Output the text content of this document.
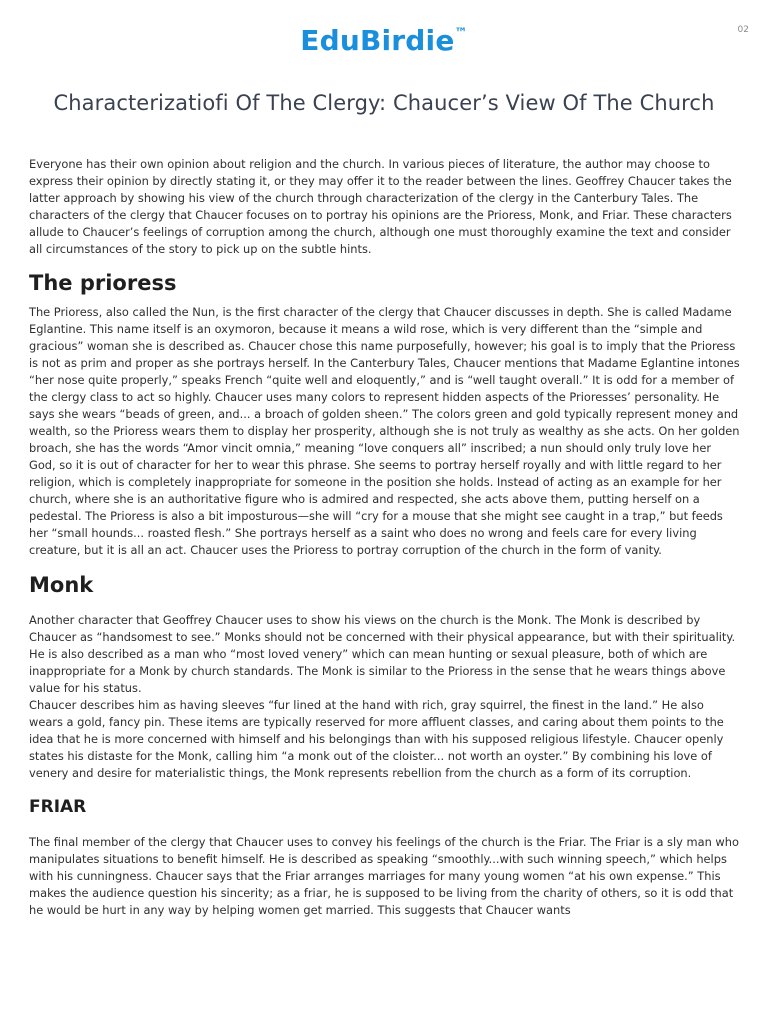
EduBirdie™	02
Characterizatiofi Of The Clergy: Chaucer’s View Of The Church

Everyone has their own opinion about religion and the church. In various pieces of literature, the author may choose to express their opinion by directly stating it, or they may offer it to the reader between the lines. Geoffrey Chaucer takes the latter approach by showing his view of the church through characterization of the clergy in the Canterbury Tales. The characters of the clergy that Chaucer focuses on to portray his opinions are the Prioress, Monk, and Friar. These characters allude to Chaucer’s feelings of corruption among the church, although one must thoroughly examine the text and consider all circumstances of the story to pick up on the subtle hints.

The prioress

The Prioress, also called the Nun, is the first character of the clergy that Chaucer discusses in depth. She is called Madame Eglantine. This name itself is an oxymoron, because it means a wild rose, which is very different than the “simple and gracious” woman she is described as. Chaucer chose this name purposefully, however; his goal is to imply that the Prioress is not as prim and proper as she portrays herself. In the Canterbury Tales, Chaucer mentions that Madame Eglantine intones “her nose quite properly,” speaks French “quite well and eloquently,” and is “well taught overall.” It is odd for a member of the clergy class to act so highly. Chaucer uses many colors to represent hidden aspects of the Prioresses’ personality. He says she wears “beads of green, and... a broach of golden sheen.” The colors green and gold typically represent money and wealth, so the Prioress wears them to display her prosperity, although she is not truly as wealthy as she acts. On her golden broach, she has the words “Amor vincit omnia,” meaning “love conquers all” inscribed; a nun should only truly love her God, so it is out of character for her to wear this phrase. She seems to portray herself royally and with little regard to her religion, which is completely inappropriate for someone in the position she holds. Instead of acting as an example for her church, where she is an authoritative figure who is admired and respected, she acts above them, putting herself on a pedestal. The Prioress is also a bit imposturous—she will “cry for a mouse that she might see caught in a trap,” but feeds her “small hounds... roasted flesh.” She portrays herself as a saint who does no wrong and feels care for every living creature, but it is all an act. Chaucer uses the Prioress to portray corruption of the church in the form of vanity.

Monk

Another character that Geoffrey Chaucer uses to show his views on the church is the Monk. The Monk is described by Chaucer as “handsomest to see.” Monks should not be concerned with their physical appearance, but with their spirituality. He is also described as a man who “most loved venery” which can mean hunting or sexual pleasure, both of which are inappropriate for a Monk by church standards. The Monk is similar to the Prioress in the sense that he wears things above value for his status.

Chaucer describes him as having sleeves “fur lined at the hand with rich, gray squirrel, the finest in the land.” He also wears a gold, fancy pin. These items are typically reserved for more affluent classes, and caring about them points to the idea that he is more concerned with himself and his belongings than with his supposed religious lifestyle. Chaucer openly states his distaste for the Monk, calling him “a monk out of the cloister... not worth an oyster.” By combining his love of venery and desire for materialistic things, the Monk represents rebellion from the church as a form of its corruption.

FRIAR

The final member of the clergy that Chaucer uses to convey his feelings of the church is the Friar. The Friar is a sly man who manipulates situations to benefit himself. He is described as speaking “smoothly...with such winning speech,” which helps with his cunningness. Chaucer says that the Friar arranges marriages for many young women “at his own expense.” This makes the audience question his sincerity; as a friar, he is supposed to be living from the charity of others, so it is odd that he would be hurt in any way by helping women get married. This suggests that Chaucer wants
